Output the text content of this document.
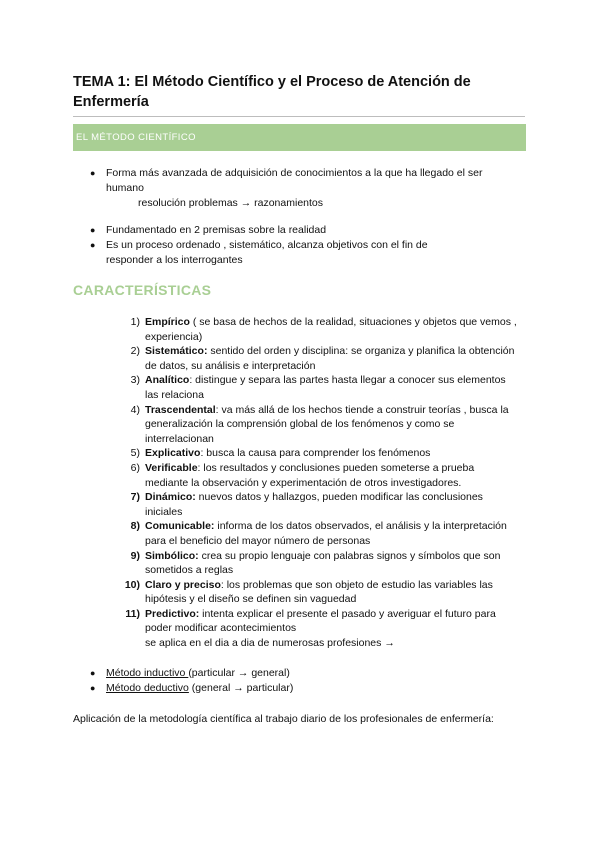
TEMA 1: El Método Científico y el Proceso de Atención de Enfermería
EL MÉTODO CIENTÍFICO
● Forma más avanzada de adquisición de conocimientos a la que ha llegado el ser humano
resolución problemas → razonamientos
● Fundamentado en 2 premisas sobre la realidad
● Es un proceso ordenado , sistemático, alcanza objetivos con el fin de responder a los interrogantes
CARACTERÍSTICAS
1) Empírico ( se basa de hechos de la realidad, situaciones y objetos que vemos , experiencia)
2) Sistemático: sentido del orden y disciplina: se organiza y planifica la obtención de datos, su análisis e interpretación
3) Analítico: distingue y separa las partes hasta llegar a conocer sus elementos las relaciona
4) Trascendental: va más allá de los hechos tiende a construir teorías , busca la generalización la comprensión global de los fenómenos y como se interrelacionan
5) Explicativo: busca la causa para comprender los fenómenos
6) Verificable: los resultados y conclusiones pueden someterse a prueba mediante la observación y experimentación de otros investigadores.
7) Dinámico: nuevos datos y hallazgos, pueden modificar las conclusiones iniciales
8) Comunicable: informa de los datos observados, el análisis y la interpretación para el beneficio del mayor número de personas
9) Simbólico: crea su propio lenguaje con palabras signos y símbolos que son sometidos a reglas
10) Claro y preciso: los problemas que son objeto de estudio las variables las hipótesis y el diseño se definen sin vaguedad
11) Predictivo: intenta explicar el presente el pasado y averiguar el futuro para poder modificar acontecimientos
se aplica en el dia a dia de numerosas profesiones →
● Método inductivo (particular → general)
● Método deductivo (general → particular)
Aplicación de la metodología científica al trabajo diario de los profesionales de enfermería:
